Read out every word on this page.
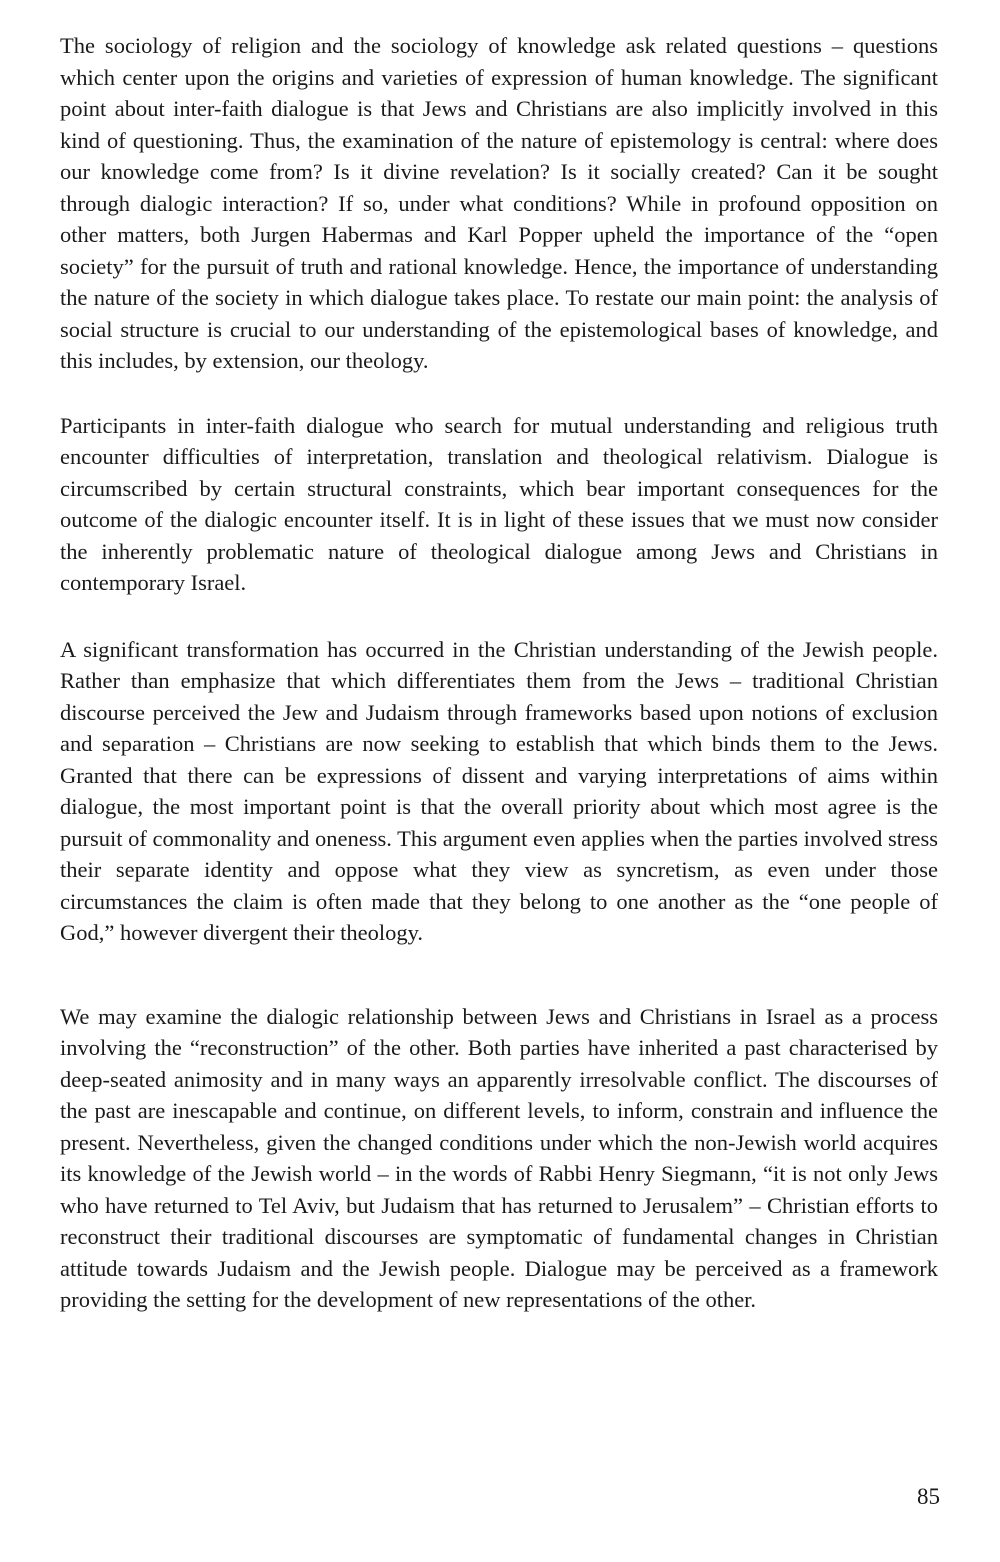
The sociology of religion and the sociology of knowledge ask related questions – questions which center upon the origins and varieties of expression of human knowledge. The significant point about inter-faith dialogue is that Jews and Christians are also implicitly involved in this kind of questioning. Thus, the examination of the nature of epistemology is central: where does our knowledge come from? Is it divine revelation? Is it socially created? Can it be sought through dialogic interaction? If so, under what conditions? While in profound opposition on other matters, both Jurgen Habermas and Karl Popper upheld the importance of the “open society” for the pursuit of truth and rational knowledge. Hence, the importance of understanding the nature of the society in which dialogue takes place. To restate our main point: the analysis of social structure is crucial to our understanding of the epistemological bases of knowledge, and this includes, by extension, our theology.

Participants in inter-faith dialogue who search for mutual understanding and religious truth encounter difficulties of interpretation, translation and theological relativism. Dialogue is circumscribed by certain structural constraints, which bear important consequences for the outcome of the dialogic encounter itself. It is in light of these issues that we must now consider the inherently problematic nature of theological dialogue among Jews and Christians in contemporary Israel.

A significant transformation has occurred in the Christian understanding of the Jewish people. Rather than emphasize that which differentiates them from the Jews – traditional Christian discourse perceived the Jew and Judaism through frameworks based upon notions of exclusion and separation – Christians are now seeking to establish that which binds them to the Jews. Granted that there can be expressions of dissent and varying interpretations of aims within dialogue, the most important point is that the overall priority about which most agree is the pursuit of commonality and oneness. This argument even applies when the parties involved stress their separate identity and oppose what they view as syncretism, as even under those circumstances the claim is often made that they belong to one another as the “one people of God,” however divergent their theology.

We may examine the dialogic relationship between Jews and Christians in Israel as a process involving the “reconstruction” of the other. Both parties have inherited a past characterised by deep-seated animosity and in many ways an apparently irresolvable conflict. The discourses of the past are inescapable and continue, on different levels, to inform, constrain and influence the present. Nevertheless, given the changed conditions under which the non-Jewish world acquires its knowledge of the Jewish world – in the words of Rabbi Henry Siegmann, “it is not only Jews who have returned to Tel Aviv, but Judaism that has returned to Jerusalem” – Christian efforts to reconstruct their traditional discourses are symptomatic of fundamental changes in Christian attitude towards Judaism and the Jewish people. Dialogue may be perceived as a framework providing the setting for the development of new representations of the other.

85
